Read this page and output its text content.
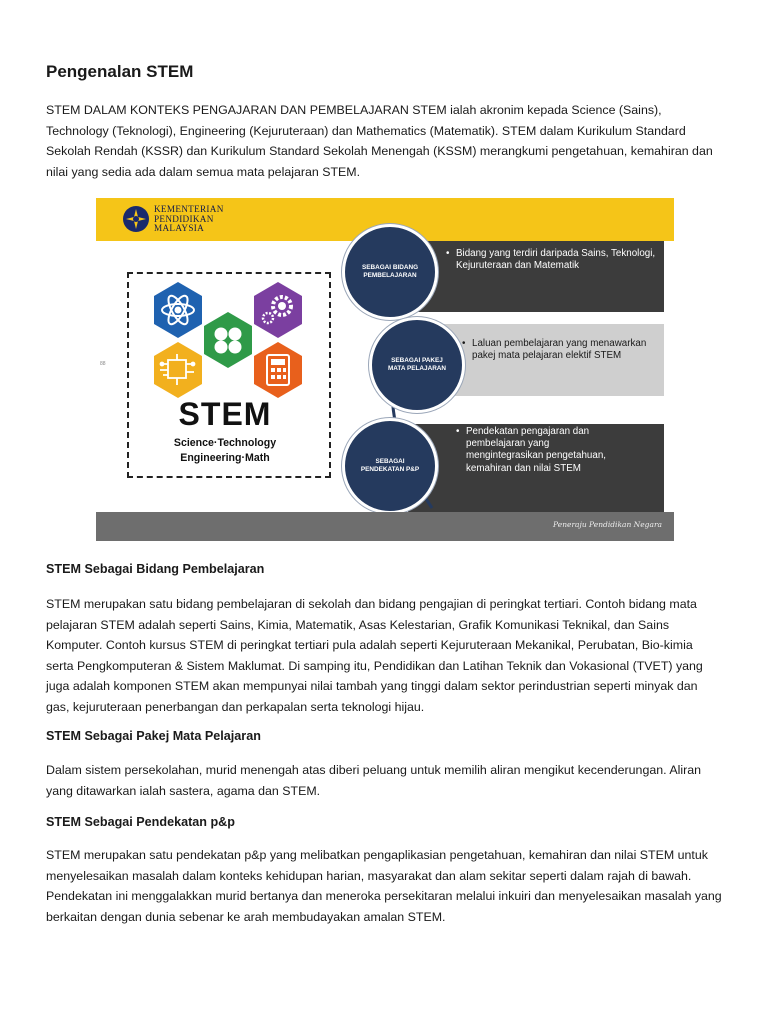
Pengenalan STEM

STEM DALAM KONTEKS PENGAJARAN DAN PEMBELAJARAN STEM ialah akronim kepada Science (Sains), Technology (Teknologi), Engineering (Kejuruteraan) dan Mathematics (Matematik). STEM dalam Kurikulum Standard Sekolah Rendah (KSSR) dan Kurikulum Standard Sekolah Menengah (KSSM) merangkumi pengetahuan, kemahiran dan nilai yang sedia ada dalam semua mata pelajaran STEM.

KEMENTERIAN
PENDIDIKAN
MALAYSIA
88
STEM
Science·Technology
Engineering·Math
SEBAGAI BIDANG PEMBELAJARAN
SEBAGAI PAKEJ MATA PELAJARAN
SEBAGAI PENDEKATAN P&P
• Bidang yang terdiri daripada Sains, Teknologi, Kejuruteraan dan Matematik
• Laluan pembelajaran yang menawarkan pakej mata pelajaran elektif STEM
• Pendekatan pengajaran dan pembelajaran yang mengintegrasikan pengetahuan, kemahiran dan nilai STEM
Peneraju Pendidikan Negara
STEM Sebagai Bidang Pembelajaran

STEM merupakan satu bidang pembelajaran di sekolah dan bidang pengajian di peringkat tertiari. Contoh bidang mata pelajaran STEM adalah seperti Sains, Kimia, Matematik, Asas Kelestarian, Grafik Komunikasi Teknikal, dan Sains Komputer. Contoh kursus STEM di peringkat tertiari pula adalah seperti Kejuruteraan Mekanikal, Perubatan, Bio-kimia serta Pengkomputeran & Sistem Maklumat. Di samping itu, Pendidikan dan Latihan Teknik dan Vokasional (TVET) yang juga adalah komponen STEM akan mempunyai nilai tambah yang tinggi dalam sektor perindustrian seperti minyak dan gas, kejuruteraan penerbangan dan perkapalan serta teknologi hijau.

STEM Sebagai Pakej Mata Pelajaran

Dalam sistem persekolahan, murid menengah atas diberi peluang untuk memilih aliran mengikut kecenderungan. Aliran yang ditawarkan ialah sastera, agama dan STEM.

STEM Sebagai Pendekatan p&p

STEM merupakan satu pendekatan p&p yang melibatkan pengaplikasian pengetahuan, kemahiran dan nilai STEM untuk menyelesaikan masalah dalam konteks kehidupan harian, masyarakat dan alam sekitar seperti dalam rajah di bawah. Pendekatan ini menggalakkan murid bertanya dan meneroka persekitaran melalui inkuiri dan menyelesaikan masalah yang berkaitan dengan dunia sebenar ke arah membudayakan amalan STEM.
